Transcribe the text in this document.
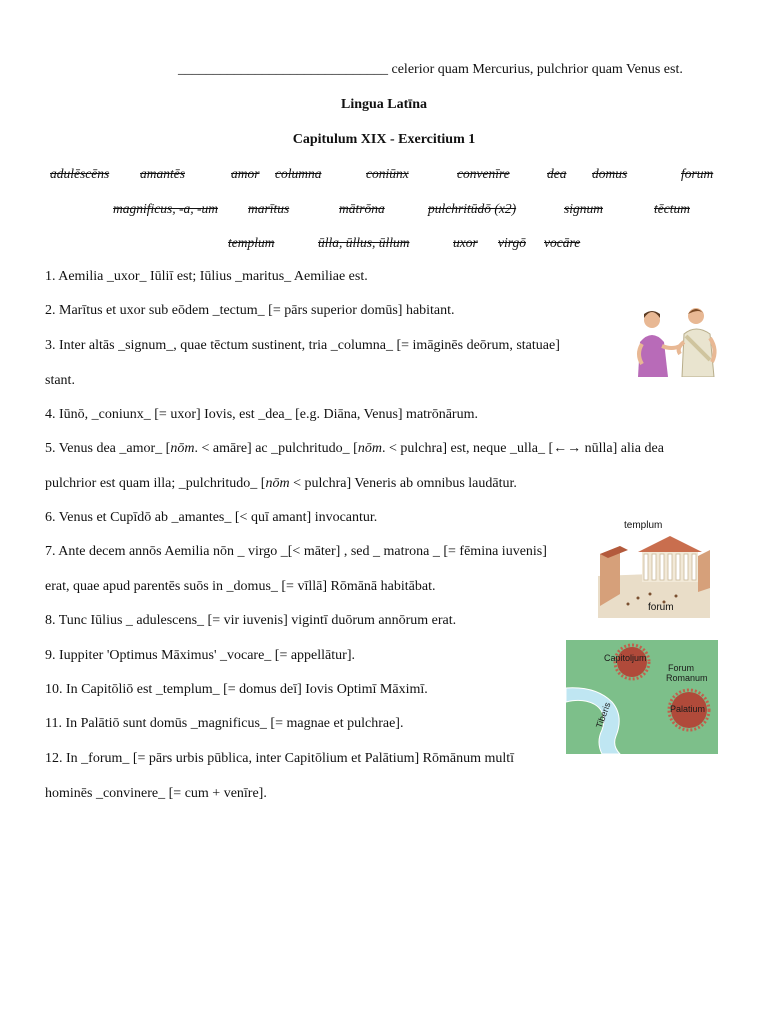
______________________________ celerior quam Mercurius, pulchrior quam Venus est.
Lingua Latīna
Capitulum XIX - Exercitium 1
adulēscēns amantēs	amor columna	coniūnx	convenīre	dea domus	forum
magnificus, -a, -um marītus	mātrōna	pulchritūdō (x2)	signum	tēctum
templum	ūlla, ūllus, ūllum	uxor virgō vocāre
1. Aemilia _uxor_ Iūliī est; Iūlius _maritus_ Aemiliae est.
2. Marītus et uxor sub eōdem _tectum_ [= pārs superior domūs] habitant.
3. Inter altās _signum_, quae tēctum sustinent, tria _columna_ [= imāginēs deōrum, statuae]
stant.
4. Iūnō, _coniunx_ [= uxor] Iovis, est _dea_ [e.g. Diāna, Venus] matrōnārum.
5. Venus dea _amor_ [nōm. < amāre] ac _pulchritudo_ [nōm. < pulchra] est, neque _ulla_ [←→ nūlla] alia dea
pulchrior est quam illa; _pulchritudo_ [nōm < pulchra] Veneris ab omnibus laudātur.
6. Venus et Cupīdō ab _amantes_ [< quī amant] invocantur.
7. Ante decem annōs Aemilia nōn _ virgo _[< māter] , sed _ matrona _ [= fēmina iuvenis]
erat, quae apud parentēs suōs in _domus_ [= vīllā] Rōmānā habitābat.
8. Tunc Iūlius _ adulescens_ [= vir iuvenis] vigintī duōrum annōrum erat.
9. Iuppiter 'Optimus Māximus' _vocare_ [= appellātur].
10. In Capitōliō est _templum_ [= domus deī] Iovis Optimī Māximī.
11. In Palātiō sunt domūs _magnificus_ [= magnae et pulchrae].
12. In _forum_ [= pārs urbis pūblica, inter Capitōlium et Palātium] Rōmānum multī
hominēs _convinere_ [= cum + venīre].
templum
forum
Capitoljum
Forum
Romanum
Palatium
Tiberis
